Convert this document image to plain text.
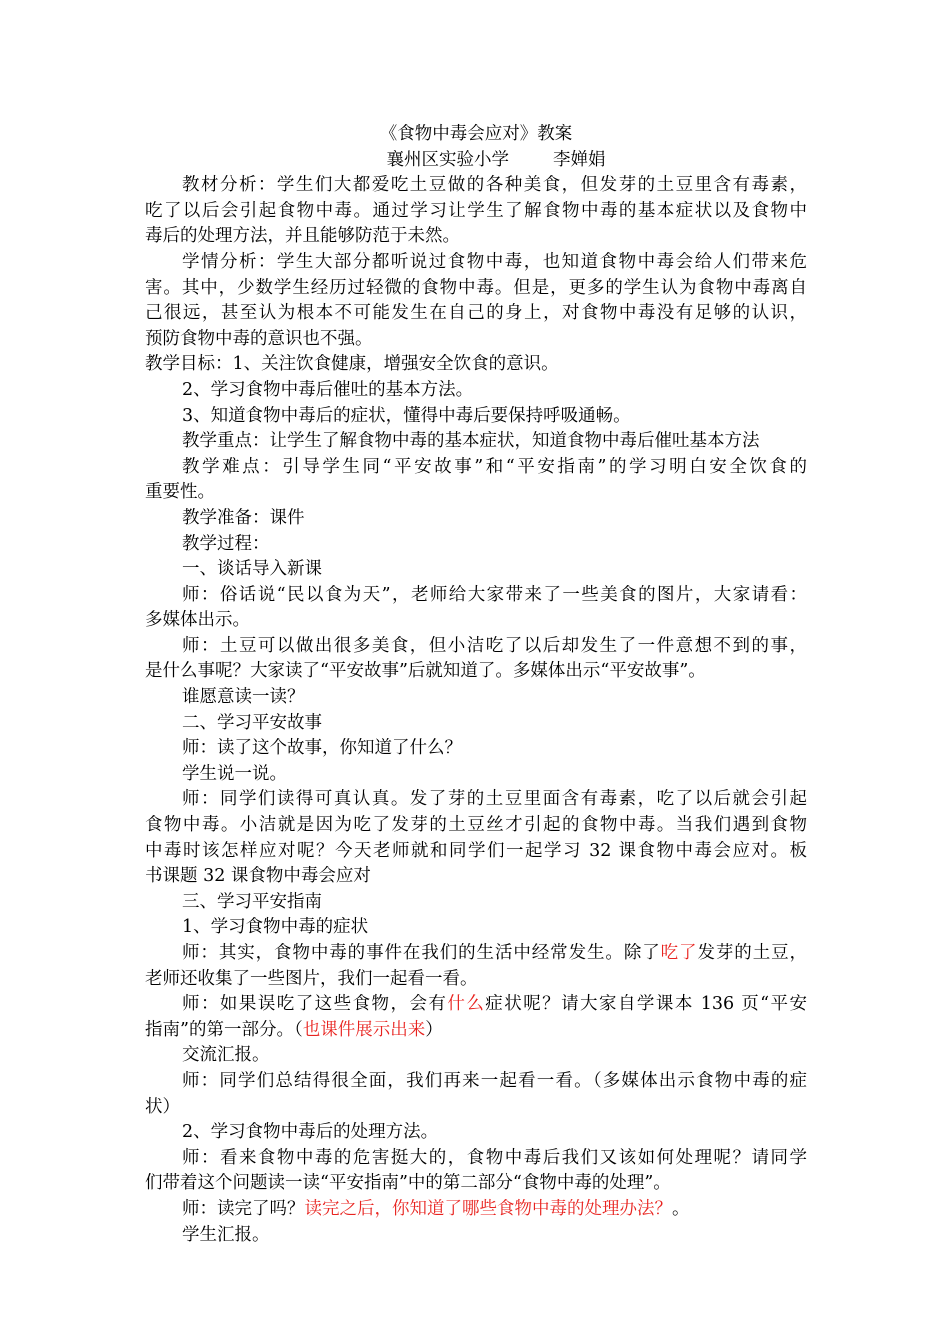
《食物中毒会应对》教案
襄州区实验小学	李婵娟
教材分析：学生们大都爱吃土豆做的各种美食，但发芽的土豆里含有毒素，
吃了以后会引起食物中毒。通过学习让学生了解食物中毒的基本症状以及食物中
毒后的处理方法，并且能够防范于未然。
学情分析：学生大部分都听说过食物中毒，也知道食物中毒会给人们带来危
害。其中，少数学生经历过轻微的食物中毒。但是，更多的学生认为食物中毒离自
己很远，甚至认为根本不可能发生在自己的身上，对食物中毒没有足够的认识，
预防食物中毒的意识也不强。
教学目标：1、关注饮食健康，增强安全饮食的意识。
2、学习食物中毒后催吐的基本方法。
3、知道食物中毒后的症状，懂得中毒后要保持呼吸通畅。
教学重点：让学生了解食物中毒的基本症状，知道食物中毒后催吐基本方法
教学难点：引导学生同“平安故事”和“平安指南”的学习明白安全饮食的
重要性。
教学准备：课件
教学过程：
一、谈话导入新课
师：俗话说“民以食为天”，老师给大家带来了一些美食的图片，大家请看：
多媒体出示。
师：土豆可以做出很多美食，但小洁吃了以后却发生了一件意想不到的事，
是什么事呢？大家读了“平安故事”后就知道了。多媒体出示“平安故事”。
谁愿意读一读？
二、学习平安故事
师：读了这个故事，你知道了什么？
学生说一说。
师：同学们读得可真认真。发了芽的土豆里面含有毒素，吃了以后就会引起
食物中毒。小洁就是因为吃了发芽的土豆丝才引起的食物中毒。当我们遇到食物
中毒时该怎样应对呢？今天老师就和同学们一起学习 32 课食物中毒会应对。板
书课题 32 课食物中毒会应对
三、学习平安指南
1、学习食物中毒的症状
师：其实，食物中毒的事件在我们的生活中经常发生。除了吃了发芽的土豆，
老师还收集了一些图片，我们一起看一看。
师：如果误吃了这些食物，会有什么症状呢？请大家自学课本 136 页“平安
指南”的第一部分。（也课件展示出来）
交流汇报。
师：同学们总结得很全面，我们再来一起看一看。（多媒体出示食物中毒的症
状）
2、学习食物中毒后的处理方法。
师：看来食物中毒的危害挺大的，食物中毒后我们又该如何处理呢？请同学
们带着这个问题读一读“平安指南”中的第二部分“食物中毒的处理”。
师：读完了吗？读完之后，你知道了哪些食物中毒的处理办法？。
学生汇报。
